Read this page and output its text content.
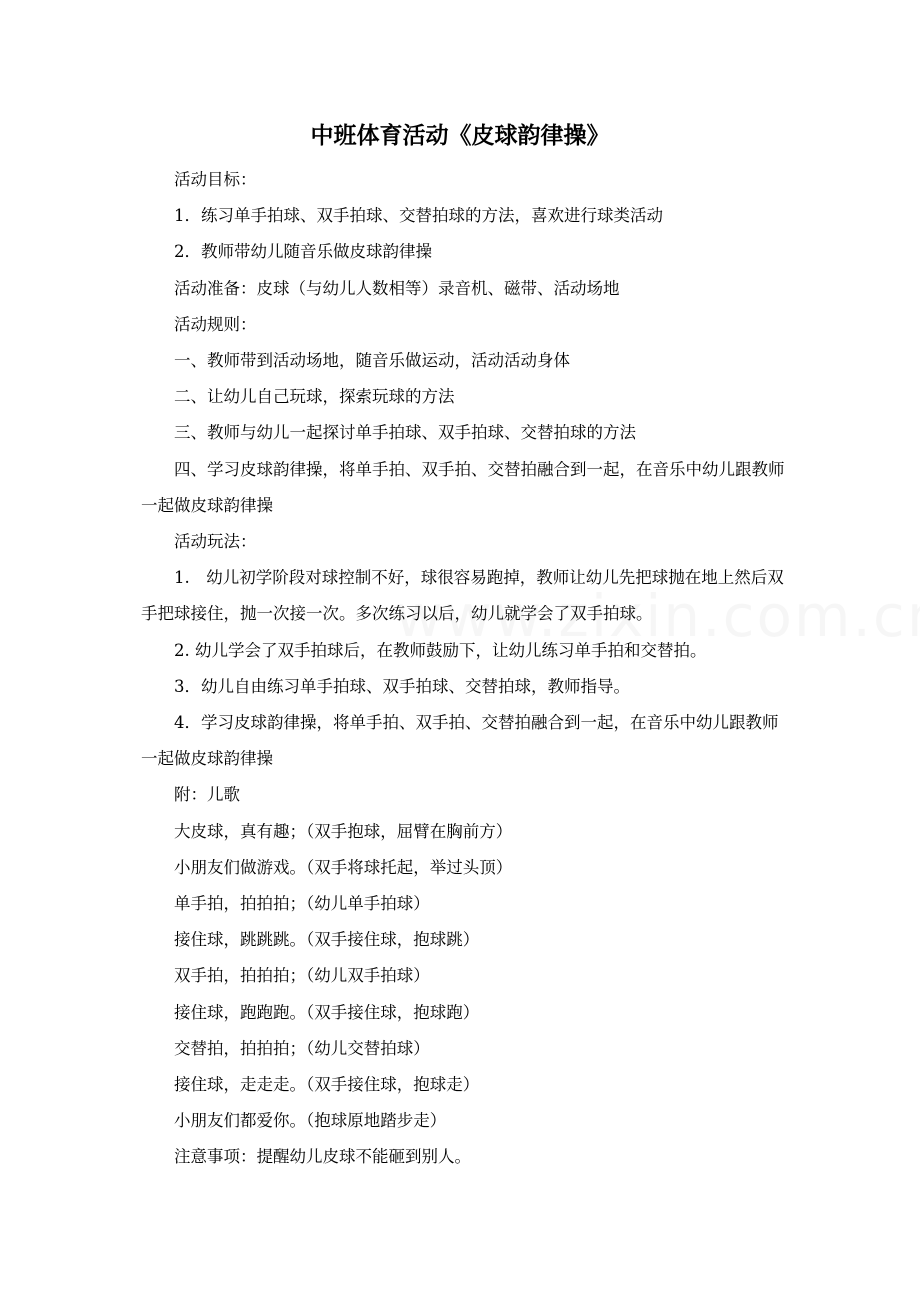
中班体育活动《皮球韵律操》

活动目标：

1．练习单手拍球、双手拍球、交替拍球的方法，喜欢进行球类活动

2．教师带幼儿随音乐做皮球韵律操

活动准备：皮球（与幼儿人数相等）录音机、磁带、活动场地

活动规则：

一、教师带到活动场地，随音乐做运动，活动活动身体

二、让幼儿自己玩球，探索玩球的方法

三、教师与幼儿一起探讨单手拍球、双手拍球、交替拍球的方法

四、学习皮球韵律操，将单手拍、双手拍、交替拍融合到一起，在音乐中幼儿跟教师一起做皮球韵律操

活动玩法：

1.　幼儿初学阶段对球控制不好，球很容易跑掉，教师让幼儿先把球抛在地上然后双手把球接住，抛一次接一次。多次练习以后，幼儿就学会了双手拍球。

2. 幼儿学会了双手拍球后，在教师鼓励下，让幼儿练习单手拍和交替拍。

3．幼儿自由练习单手拍球、双手拍球、交替拍球，教师指导。

4．学习皮球韵律操，将单手拍、双手拍、交替拍融合到一起，在音乐中幼儿跟教师一起做皮球韵律操

附：儿歌

大皮球，真有趣；（双手抱球，屈臂在胸前方）

小朋友们做游戏。（双手将球托起，举过头顶）

单手拍，拍拍拍；（幼儿单手拍球）

接住球，跳跳跳。（双手接住球，抱球跳）

双手拍，拍拍拍；（幼儿双手拍球）

接住球，跑跑跑。（双手接住球，抱球跑）

交替拍，拍拍拍；（幼儿交替拍球）

接住球，走走走。（双手接住球，抱球走）

小朋友们都爱你。（抱球原地踏步走）

注意事项：提醒幼儿皮球不能砸到别人。
